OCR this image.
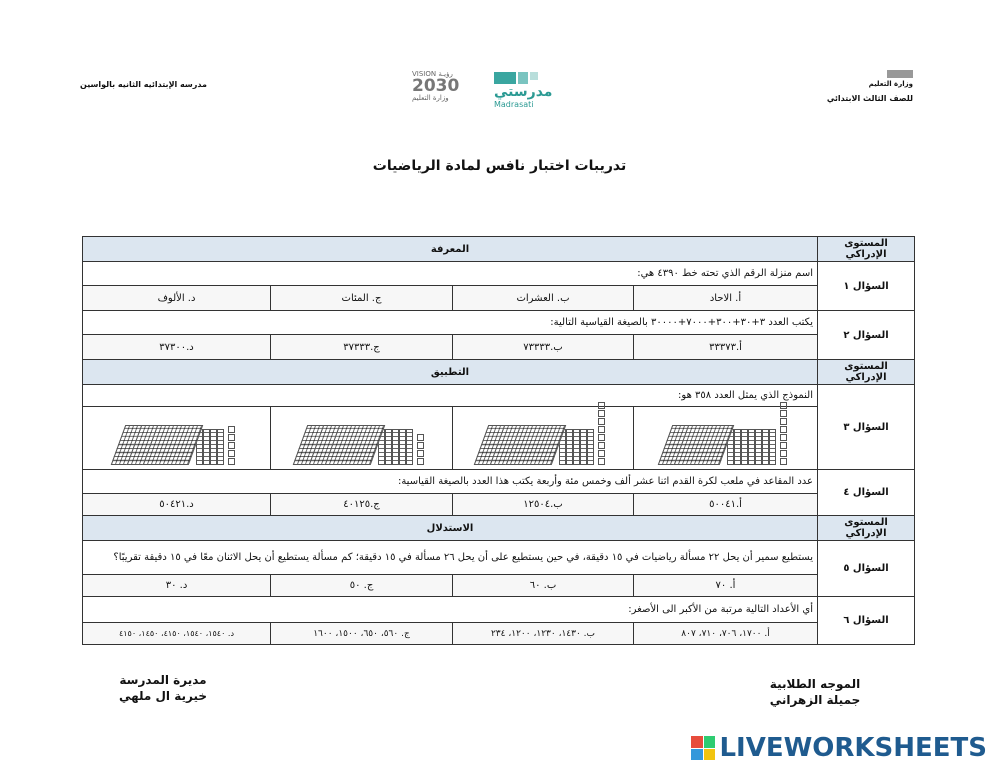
مدرسه الإبتدائيه الثانيه بالواسين
VISION رؤيـة
2030
وزارة التعليم	مدرستي
Madrasati
وزارة التعليم
للصف الثالث الابتدائي
تدريبات اختبار نافس لمادة الرياضيات
المستوى الإدراكي	المعرفة			
السؤال ١	اسم منزلة الرقم الذي تحته خط ٤٣٩٠ هي:			
	أ. الاحاد	ب. العشرات	ج. المئات	د. الألوف
السؤال ٢	يكتب العدد ٣+٣٠+٣٠٠+٧٠٠٠+٣٠٠٠٠ بالصيغة القياسية التالية:			
	أ.٣٣٣٧٣	ب.٧٣٣٣٣	ج.٣٧٣٣٣	د.٣٧٣٠٠
المستوى الإدراكي	التطبيق			
السؤال ٣	النموذج الذي يمثل العدد ٣٥٨ هو:			

السؤال ٤	عدد المقاعد في ملعب لكرة القدم اثنا عشر ألف وخمس مئة وأربعة يكتب هذا العدد بالصيغة القياسية:			
	أ.٥٠٠٤١	ب.١٢٥٠٤	ج.٤٠١٢٥	د.٥٠٤٢١
المستوى الإدراكي	الاستدلال			
السؤال ٥	يستطيع سمير أن يحل ٢٢ مسألة رياضيات في ١٥ دقيقة، في حين يستطيع على أن يحل ٢٦ مسألة في ١٥ دقيقة؛ كم مسألة يستطيع أن يحل الاثنان معًا في ١٥ دقيقة تقريبًا؟			
	أ. ٧٠	ب. ٦٠	ج. ٥٠	د. ٣٠
السؤال ٦	أي الأعداد التالية مرتبة من الأكبر الى الأصغر:			
	أ. ١٧٠٠، ٧٠٦، ٧١٠، ٨٠٧	ب. ١٤٣٠، ١٢٣٠، ١٢٠٠، ٢٣٤	ج. ٥٦٠، ٦٥٠، ١٥٠٠، ١٦٠٠	د. ١٥٤٠، ١٥٤٠، ٤١٥٠، ١٤٥٠، ٤١٥٠
الموجه الطلابية
جميلة الزهراني
مديرة المدرسة
خيرية ال ملهي
LIVEWORKSHEETS
